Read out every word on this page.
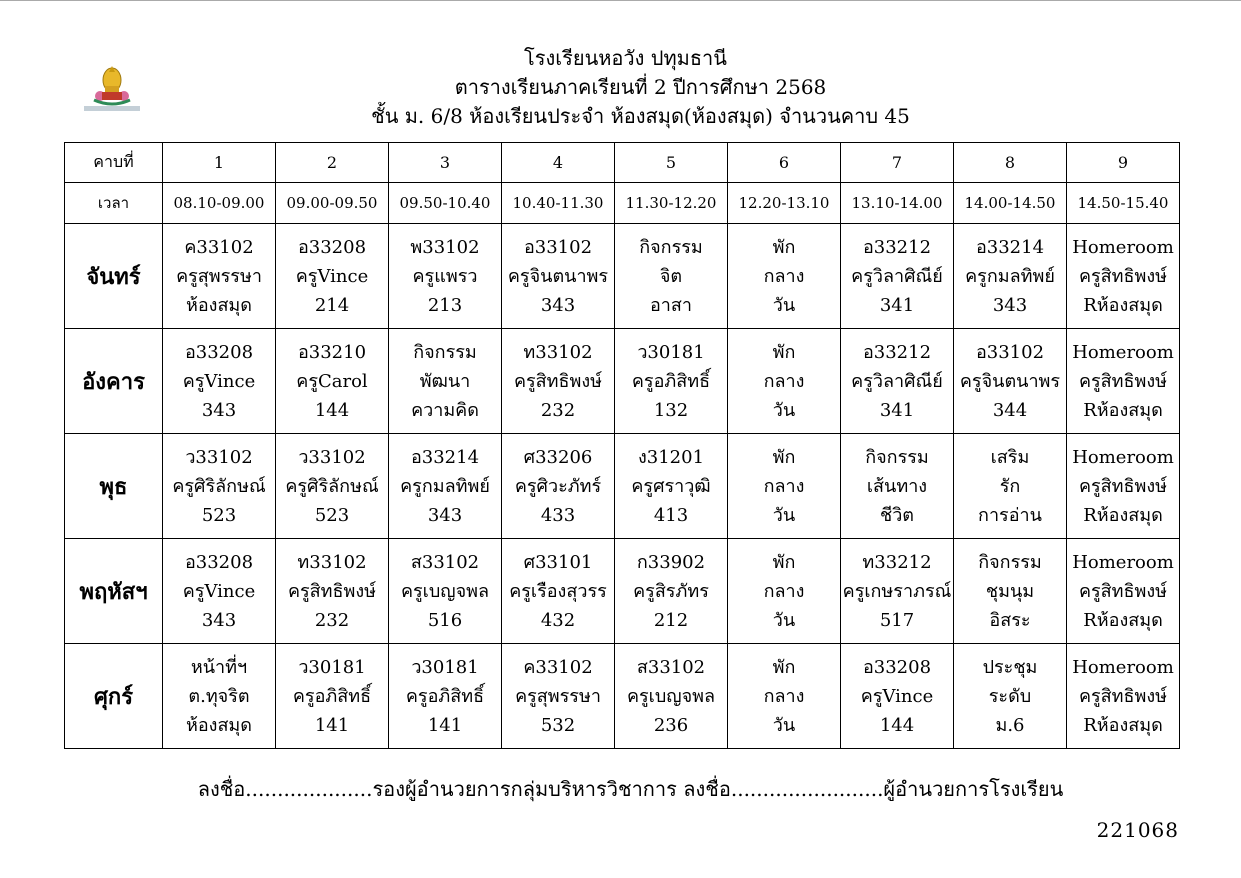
โรงเรียนหอวัง ปทุมธานี
ตารางเรียนภาคเรียนที่ 2 ปีการศึกษา 2568
ชั้น ม. 6/8 ห้องเรียนประจำ ห้องสมุด(ห้องสมุด) จำนวนคาบ 45
คาบที่	1	2	3	4	5	6	7	8	9
เวลา	08.10-09.00	09.00-09.50	09.50-10.40	10.40-11.30	11.30-12.20	12.20-13.10	13.10-14.00	14.00-14.50	14.50-15.40
จันทร์	ค33102
ครูสุพรรษา
ห้องสมุด	อ33208
ครูVince
214	พ33102
ครูแพรว
213	อ33102
ครูจินตนาพร
343	กิจกรรม
จิต
อาสา	พัก
กลาง
วัน	อ33212
ครูวิลาศิณีย์
341	อ33214
ครูกมลทิพย์
343	Homeroom
ครูสิทธิพงษ์
Rห้องสมุด

อังคาร	อ33208
ครูVince
343	อ33210
ครูCarol
144	กิจกรรม
พัฒนา
ความคิด	ท33102
ครูสิทธิพงษ์
232	ว30181
ครูอภิสิทธิ์
132	พัก
กลาง
วัน	อ33212
ครูวิลาศิณีย์
341	อ33102
ครูจินตนาพร
344	Homeroom
ครูสิทธิพงษ์
Rห้องสมุด

พุธ	ว33102
ครูศิริลักษณ์
523	ว33102
ครูศิริลักษณ์
523	อ33214
ครูกมลทิพย์
343	ศ33206
ครูศิวะภัทร์
433	ง31201
ครูศราวุฒิ
413	พัก
กลาง
วัน	กิจกรรม
เส้นทาง
ชีวิต	เสริม
รัก
การอ่าน	Homeroom
ครูสิทธิพงษ์
Rห้องสมุด

พฤหัสฯ	อ33208
ครูVince
343	ท33102
ครูสิทธิพงษ์
232	ส33102
ครูเบญจพล
516	ศ33101
ครูเรืองสุวรร
432	ก33902
ครูสิรภัทร
212	พัก
กลาง
วัน	ท33212
ครูเกษราภรณ์
517	กิจกรรม
ชุมนุม
อิสระ	Homeroom
ครูสิทธิพงษ์
Rห้องสมุด

ศุกร์	หน้าที่ฯ
ต.ทุจริต
ห้องสมุด	ว30181
ครูอภิสิทธิ์
141	ว30181
ครูอภิสิทธิ์
141	ค33102
ครูสุพรรษา
532	ส33102
ครูเบญจพล
236	พัก
กลาง
วัน	อ33208
ครูVince
144	ประชุม
ระดับ
ม.6	Homeroom
ครูสิทธิพงษ์
Rห้องสมุด
ลงชื่อ....................รองผู้อำนวยการกลุ่มบริหารวิชาการ ลงชื่อ........................ผู้อำนวยการโรงเรียน
221068
